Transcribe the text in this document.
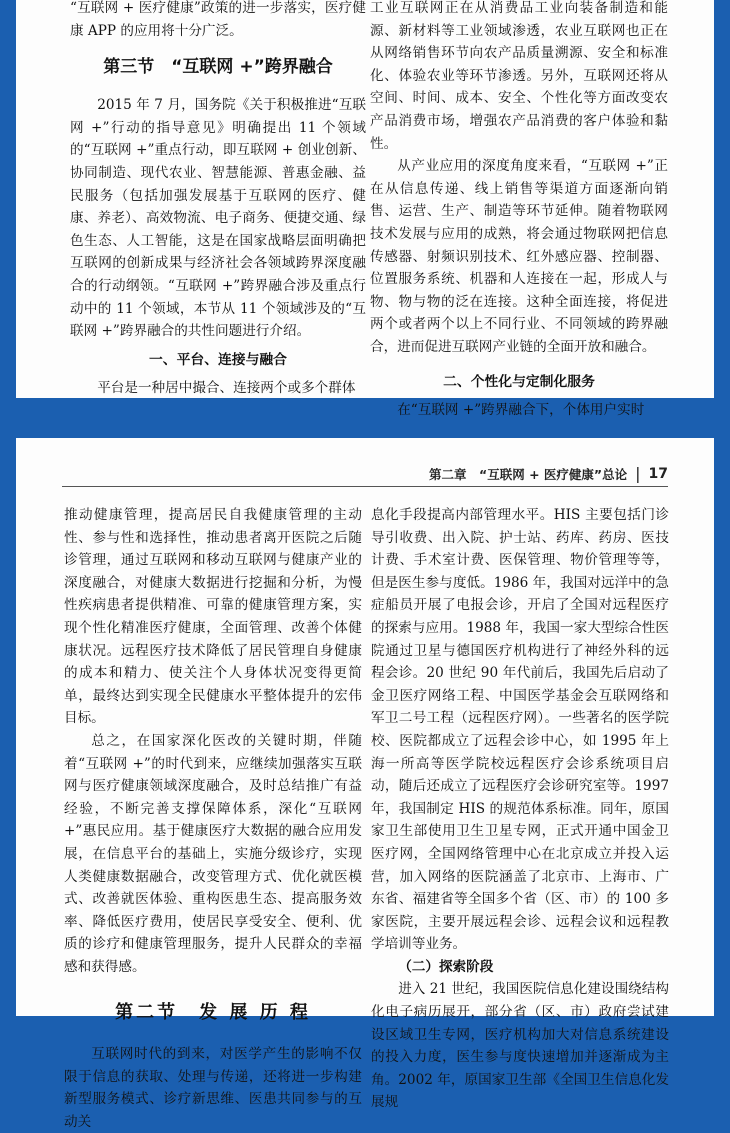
“互联网 + 医疗健康”政策的进一步落实，医疗健康 APP 的应用将十分广泛。

第三节　“互联网 +”跨界融合

2015 年 7 月，国务院《关于积极推进“互联网 +”行动的指导意见》明确提出 11 个领域的“互联网 +”重点行动，即互联网 + 创业创新、协同制造、现代农业、智慧能源、普惠金融、益民服务（包括加强发展基于互联网的医疗、健康、养老）、高效物流、电子商务、便捷交通、绿色生态、人工智能，这是在国家战略层面明确把互联网的创新成果与经济社会各领域跨界深度融合的行动纲领。“互联网 +”跨界融合涉及重点行动中的 11 个领域，本节从 11 个领域涉及的“互联网 +”跨界融合的共性问题进行介绍。

一、平台、连接与融合

平台是一种居中撮合、连接两个或多个群体

工业互联网正在从消费品工业向装备制造和能源、新材料等工业领域渗透，农业互联网也正在从网络销售环节向农产品质量溯源、安全和标准化、体验农业等环节渗透。另外，互联网还将从空间、时间、成本、安全、个性化等方面改变农产品消费市场，增强农产品消费的客户体验和黏性。

从产业应用的深度角度来看，“互联网 +”正在从信息传递、线上销售等渠道方面逐渐向销售、运营、生产、制造等环节延伸。随着物联网技术发展与应用的成熟，将会通过物联网把信息传感器、射频识别技术、红外感应器、控制器、位置服务系统、机器和人连接在一起，形成人与物、物与物的泛在连接。这种全面连接，将促进两个或者两个以上不同行业、不同领域的跨界融合，进而促进互联网产业链的全面开放和融合。

二、个性化与定制化服务

在“互联网 +”跨界融合下，个体用户实时

第二章　“互联网 + 医疗健康”总论 | 17

推动健康管理，提高居民自我健康管理的主动性、参与性和选择性，推动患者离开医院之后随诊管理，通过互联网和移动互联网与健康产业的深度融合，对健康大数据进行挖掘和分析，为慢性疾病患者提供精准、可靠的健康管理方案，实现个性化精准医疗健康，全面管理、改善个体健康状况。远程医疗技术降低了居民管理自身健康的成本和精力、使关注个人身体状况变得更简单，最终达到实现全民健康水平整体提升的宏伟目标。

总之，在国家深化医改的关键时期，伴随着“互联网 +”的时代到来，应继续加强落实互联网与医疗健康领域深度融合，及时总结推广有益经验，不断完善支撑保障体系，深化“互联网 +”惠民应用。基于健康医疗大数据的融合应用发展，在信息平台的基础上，实施分级诊疗，实现人类健康数据融合，改变管理方式、优化就医模式、改善就医体验、重构医患生态、提高服务效率、降低医疗费用，使居民享受安全、便利、优质的诊疗和健康管理服务，提升人民群众的幸福感和获得感。

第二节　发 展 历 程

互联网时代的到来，对医学产生的影响不仅限于信息的获取、处理与传递，还将进一步构建新型服务模式、诊疗新思维、医患共同参与的互动关

息化手段提高内部管理水平。HIS 主要包括门诊导引收费、出入院、护士站、药库、药房、医技计费、手术室计费、医保管理、物价管理等等，但是医生参与度低。1986 年，我国对远洋中的急症船员开展了电报会诊，开启了全国对远程医疗的探索与应用。1988 年，我国一家大型综合性医院通过卫星与德国医疗机构进行了神经外科的远程会诊。20 世纪 90 年代前后，我国先后启动了金卫医疗网络工程、中国医学基金会互联网络和军卫二号工程（远程医疗网）。一些著名的医学院校、医院都成立了远程会诊中心，如 1995 年上海一所高等医学院校远程医疗会诊系统项目启动，随后还成立了远程医疗会诊研究室等。1997 年，我国制定 HIS 的规范体系标准。同年，原国家卫生部使用卫生卫星专网，正式开通中国金卫医疗网，全国网络管理中心在北京成立并投入运营，加入网络的医院涵盖了北京市、上海市、广东省、福建省等全国多个省（区、市）的 100 多家医院，主要开展远程会诊、远程会议和远程教学培训等业务。

（二）探索阶段

进入 21 世纪，我国医院信息化建设围绕结构化电子病历展开，部分省（区、市）政府尝试建设区域卫生专网，医疗机构加大对信息系统建设的投入力度，医生参与度快速增加并逐渐成为主角。2002 年，原国家卫生部《全国卫生信息化发展规
